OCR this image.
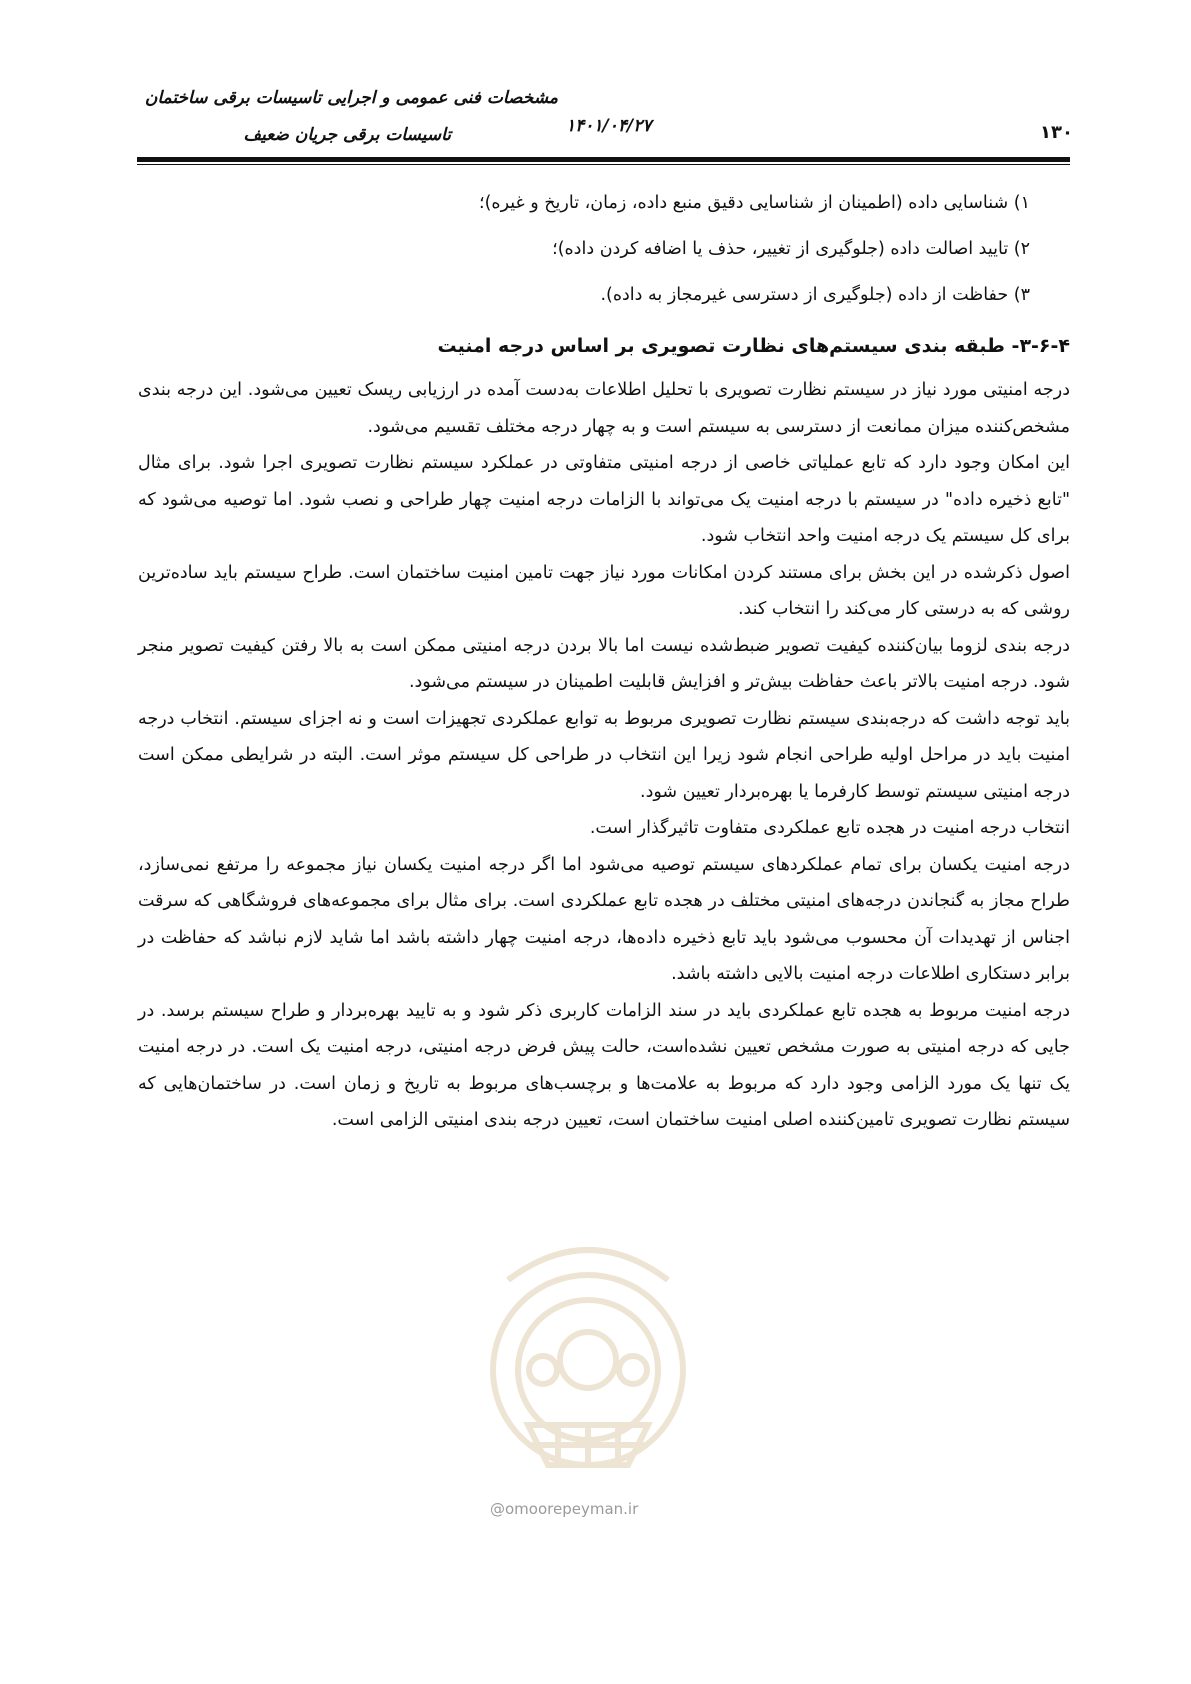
مشخصات فنی عمومی و اجرایی تاسیسات برقی ساختمان
تاسیسات برقی جریان ضعیف	۱۴۰۱/۰۴/۲۷	۱۳۰
@omoorepeyman.ir
۱) شناسایی داده (اطمینان از شناسایی دقیق منبع داده، زمان، تاریخ و غیره)؛
۲) تایید اصالت داده (جلوگیری از تغییر، حذف یا اضافه کردن داده)؛
۳) حفاظت از داده (جلوگیری از دسترسی غیرمجاز به داده).
۳-۶-۴- طبقه بندی سیستم‌های نظارت تصویری بر اساس درجه امنیت

درجه امنیتی مورد نیاز در سیستم نظارت تصویری با تحلیل اطلاعات به‌دست آمده در ارزیابی ریسک تعیین می‌شود. این درجه بندی مشخص‌کننده میزان ممانعت از دسترسی به سیستم است و به چهار درجه مختلف تقسیم می‌شود.

این امکان وجود دارد که تابع عملیاتی خاصی از درجه امنیتی متفاوتی در عملکرد سیستم نظارت تصویری اجرا شود. برای مثال "تابع ذخیره داده" در سیستم با درجه امنیت یک می‌تواند با الزامات درجه امنیت چهار طراحی و نصب شود. اما توصیه می‌شود که برای کل سیستم یک درجه امنیت واحد انتخاب شود.

اصول ذکرشده در این بخش برای مستند کردن امکانات مورد نیاز جهت تامین امنیت ساختمان است. طراح سیستم باید ساده‌ترین روشی که به درستی کار می‌کند را انتخاب کند.

درجه بندی لزوما بیان‌کننده کیفیت تصویر ضبط‌شده نیست اما بالا بردن درجه امنیتی ممکن است به بالا رفتن کیفیت تصویر منجر شود. درجه امنیت بالاتر باعث حفاظت بیش‌تر و افزایش قابلیت اطمینان در سیستم می‌شود.

باید توجه داشت که درجه‌بندی سیستم نظارت تصویری مربوط به توابع عملکردی تجهیزات است و نه اجزای سیستم. انتخاب درجه امنیت باید در مراحل اولیه طراحی انجام شود زیرا این انتخاب در طراحی کل سیستم موثر است. البته در شرایطی ممکن است درجه امنیتی سیستم توسط کارفرما یا بهره‌بردار تعیین شود.

انتخاب درجه امنیت در هجده تابع عملکردی متفاوت تاثیرگذار است.

درجه امنیت یکسان برای تمام عملکردهای سیستم توصیه می‌شود اما اگر درجه امنیت یکسان نیاز مجموعه را مرتفع نمی‌سازد، طراح مجاز به گنجاندن درجه‌های امنیتی مختلف در هجده تابع عملکردی است. برای مثال برای مجموعه‌های فروشگاهی که سرقت اجناس از تهدیدات آن محسوب می‌شود باید تابع ذخیره داده‌ها، درجه امنیت چهار داشته باشد اما شاید لازم نباشد که حفاظت در برابر دستکاری اطلاعات درجه امنیت بالایی داشته باشد.

درجه امنیت مربوط به هجده تابع عملکردی باید در سند الزامات کاربری ذکر شود و به تایید بهره‌بردار و طراح سیستم برسد. در جایی که درجه امنیتی به صورت مشخص تعیین نشده‌است، حالت پیش فرض درجه امنیتی، درجه امنیت یک است. در درجه امنیت یک تنها یک مورد الزامی وجود دارد که مربوط به علامت‌ها و برچسب‌های مربوط به تاریخ و زمان است. در ساختمان‌هایی که سیستم نظارت تصویری تامین‌کننده اصلی امنیت ساختمان است، تعیین درجه بندی امنیتی الزامی است.
